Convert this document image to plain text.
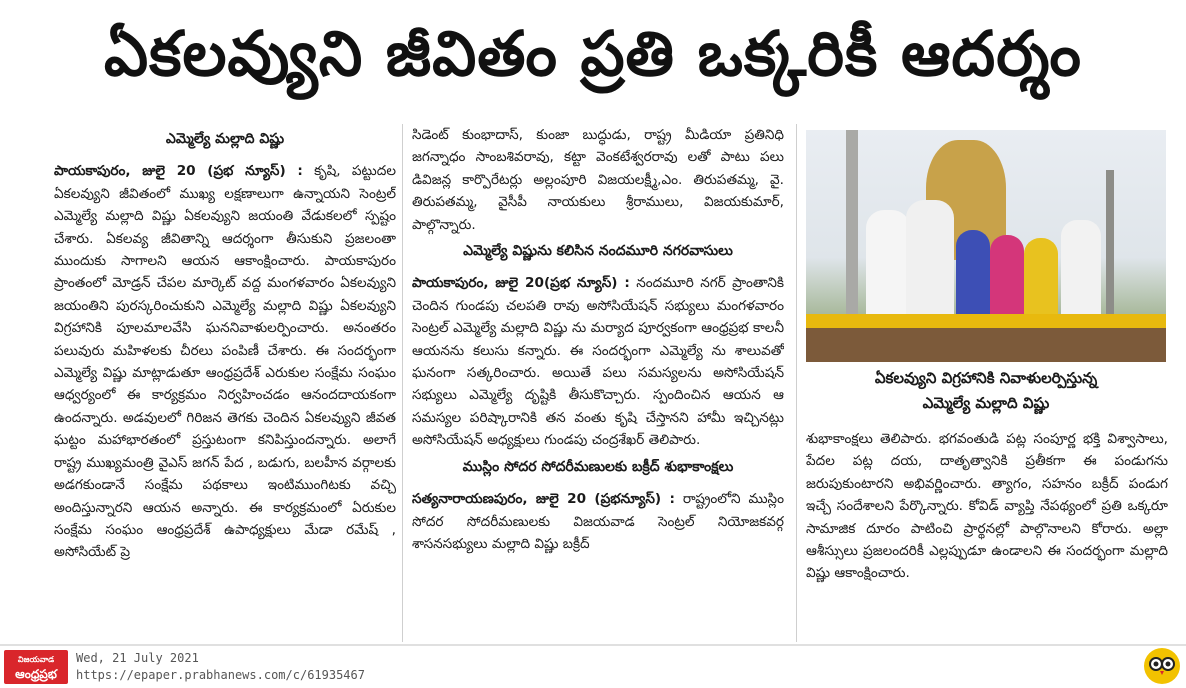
ఏకలవ్యుని జీవితం ప్రతి ఒక్కరికీ ఆదర్శం

ఎమ్మెల్యే మల్లాది విష్ణు

పాయకాపురం, జులై 20 (ప్రభ న్యూస్) : కృషి, పట్టుదల ఏకలవ్యుని జీవితంలో ముఖ్య లక్షణాలుగా ఉన్నాయని సెంట్రల్ ఎమ్మెల్యే మల్లాది విష్ణు ఏకలవ్యుని జయంతి వేడుకలలో స్పష్టం చేశారు. ఏకలవ్య జీవితాన్ని ఆదర్శంగా తీసుకుని ప్రజలంతా ముందుకు సాగాలని ఆయన ఆకాంక్షించారు. పాయకాపురం ప్రాంతంలో మోడ్రన్ చేపల మార్కెట్ వద్ద మంగళవారం ఏకలవ్యుని జయంతిని పురస్కరించుకుని ఎమ్మెల్యే మల్లాది విష్ణు ఏకలవ్యుని విగ్రహానికి పూలమాలవేసి ఘననివాళులర్పించారు. అనంతరం పలువురు మహిళలకు చీరలు పంపిణీ చేశారు. ఈ సందర్భంగా ఎమ్మెల్యే విష్ణు మాట్లాడుతూ ఆంధ్రప్రదేశ్ ఎరుకుల సంక్షేమ సంఘం ఆధ్వర్యంలో ఈ కార్యక్రమం నిర్వహించడం ఆనందదాయకంగా ఉందన్నారు. అడవులలో గిరిజన తెగకు చెందిన ఏకలవ్యుని జీవత ఘట్టం మహాభారతంలో ప్రస్తుటంగా కనిపిస్తుందన్నారు. అలాగే రాష్ట్ర ముఖ్యమంత్రి వైఎస్ జగన్ పేద , బడుగు, బలహీన వర్గాలకు అడగకుండానే సంక్షేమ పథకాలు ఇంటిముంగిటకు వచ్చి అందిస్తున్నారని ఆయన అన్నారు. ఈ కార్యక్రమంలో ఏరుకుల సంక్షేమ సంఘం ఆంధ్రప్రదేశ్ ఉపాధ్యక్షులు మేడా రమేష్ , అసోసియేట్ ప్రె

సిడెంట్ కుంభాదాస్, కుంజా బుద్ధుడు, రాష్ట్ర మీడియా ప్రతినిధి జగన్నాధం సాంబశివరావు, కట్టా వెంకటేశ్వరరావు లతో పాటు పలు డివిజన్ల కార్పొరేటర్లు అల్లంపూరి విజయలక్ష్మీ,ఎం. తిరుపతమ్మ, వై. తిరుపతమ్మ, వైసీపీ నాయకులు శ్రీరాములు, విజయకుమార్, పాల్గొన్నారు.

ఎమ్మెల్యే విష్ణును కలిసిన నందమూరి నగరవాసులు

పాయకాపురం, జులై 20(ప్రభ న్యూస్) : నందమూరి నగర్ ప్రాంతానికి చెందిన గుండపు చలపతి రావు అసోసియేషన్ సభ్యులు మంగళవారం సెంట్రల్ ఎమ్మెల్యే మల్లాది విష్ణు ను మర్యాద పూర్వకంగా ఆంధ్రప్రభ కాలనీ ఆయనను కలుసు కన్నారు. ఈ సందర్భంగా ఎమ్మెల్యే ను శాలువతో ఘనంగా సత్కరించారు. అయితే పలు సమస్యలను అసోసియేషన్ సభ్యులు ఎమ్మెల్యే దృష్టికి తీసుకొచ్చారు. స్పందించిన ఆయన ఆ సమస్యల పరిష్కారానికి తన వంతు కృషి చేస్తానని హామీ ఇచ్చినట్లు అసోసియేషన్ అధ్యక్షులు గుండపు చంద్రశేఖర్ తెలిపారు.

ముస్లిం సోదర సోదరీమణులకు బక్రీద్ శుభాకాంక్షలు

సత్యనారాయణపురం, జులై 20 (ప్రభన్యూస్) : రాష్ట్రంలోని ముస్లిం సోదర సోదరీమణులకు విజయవాడ సెంట్రల్ నియోజకవర్గ శాసనసభ్యులు మల్లాది విష్ణు బక్రీద్

ఏకలవ్యుని విగ్రహానికి నివాళులర్పిస్తున్న
ఎమ్మెల్యే మల్లాది విష్ణు

శుభాకాంక్షలు తెలిపారు. భగవంతుడి పట్ల సంపూర్ణ భక్తి విశ్వాసాలు, పేదల పట్ల దయ, దాతృత్వానికి ప్రతీకగా ఈ పండుగను జరుపుకుంటారని అభివర్ణించారు. త్యాగం, సహనం బక్రీద్ పండుగ ఇచ్చే సందేశాలని పేర్కొన్నారు. కోవిడ్ వ్యాప్తి నేపథ్యంలో ప్రతి ఒక్కరూ సామాజిక దూరం పాటించి ప్రార్థనల్లో పాల్గొనాలని కోరారు. అల్లా ఆశీస్సులు ప్రజలందరికీ ఎల్లప్పుడూ ఉండాలని ఈ సందర్భంగా మల్లాది విష్ణు ఆకాంక్షించారు.

విజయవాడ
ఆంధ్రప్రభ
Wed, 21 July 2021
https://epaper.prabhanews.com/c/61935467
